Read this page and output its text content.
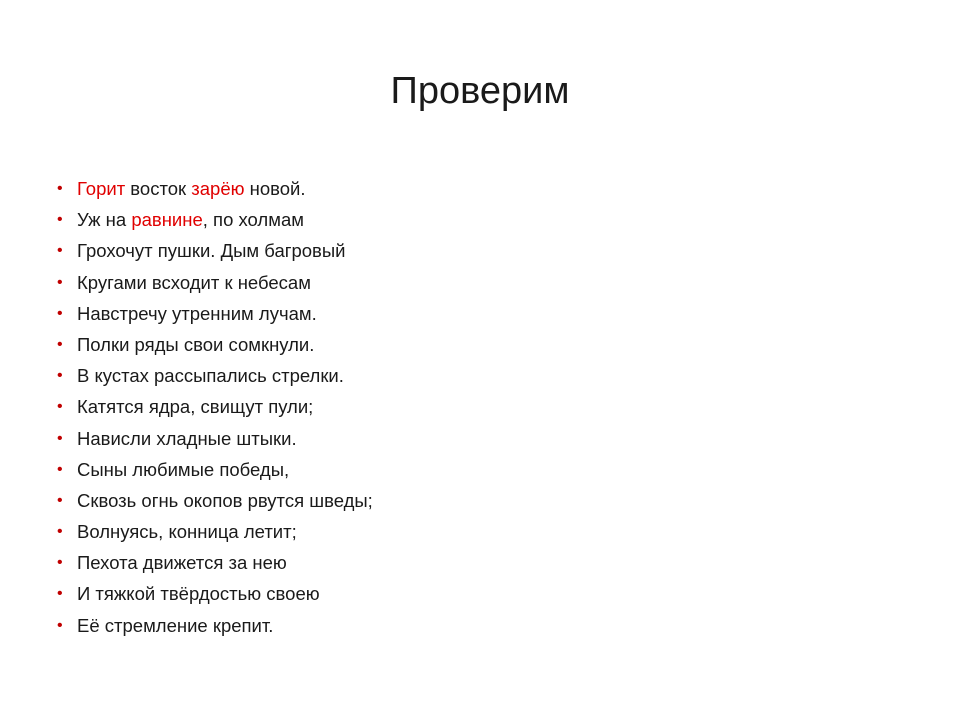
Проверим
• Горит восток зарёю новой.
• Уж на равнине, по холмам
• Грохочут пушки. Дым багровый
• Кругами всходит к небесам
• Навстречу утренним лучам.
• Полки ряды свои сомкнули.
• В кустах рассыпались стрелки.
• Катятся ядра, свищут пули;
• Нависли хладные штыки.
• Сыны любимые победы,
• Сквозь огнь окопов рвутся шведы;
• Волнуясь, конница летит;
• Пехота движется за нею
• И тяжкой твёрдостью своею
• Её стремление крепит.
